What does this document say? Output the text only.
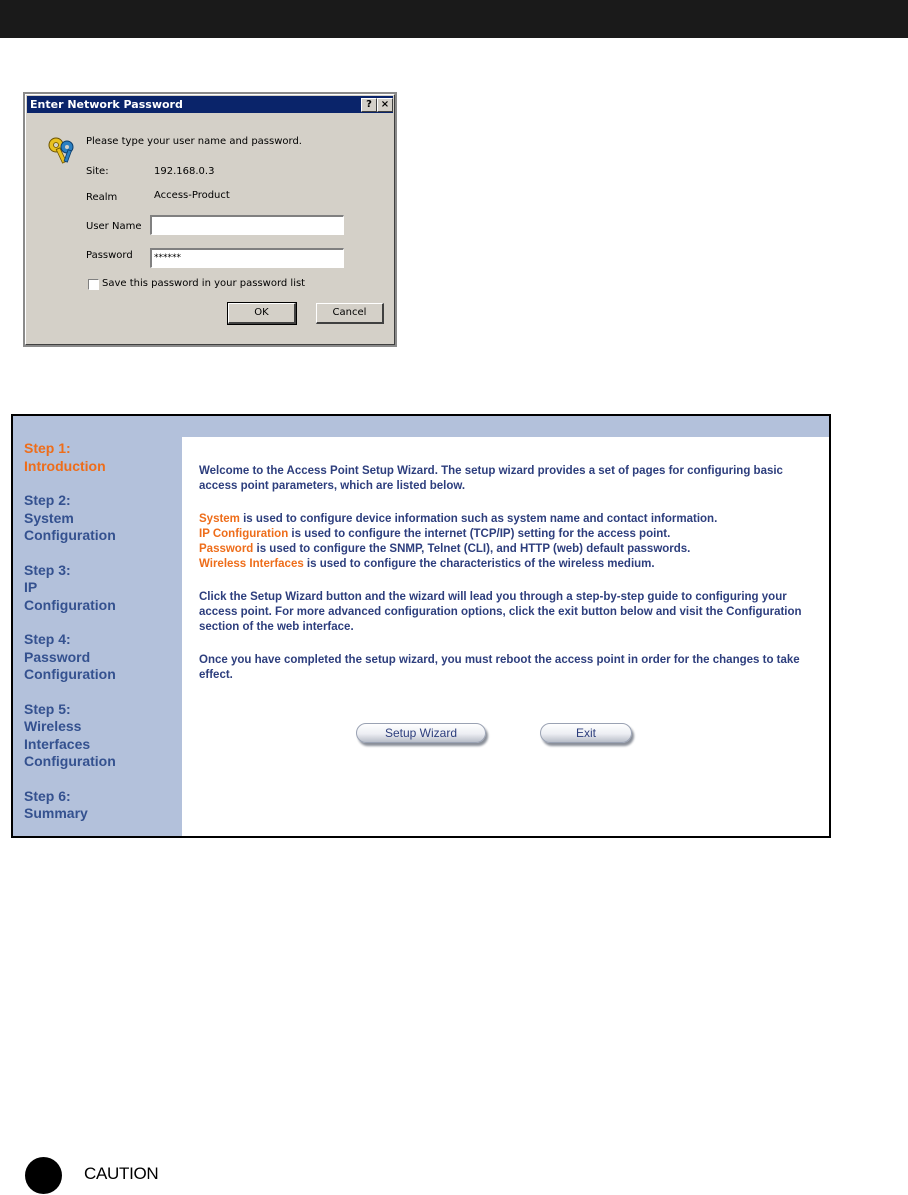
Enter Network Password	? ×
Please type your user name and password.
Site:	192.168.0.3
Realm	Access-Product
User Name
Password	******
Save this password in your password list
OK	Cancel
Step 1:
Introduction
Step 2:
System
Configuration
Step 3:
IP
Configuration
Step 4:
Password
Configuration
Step 5:
Wireless
Interfaces
Configuration
Step 6:
Summary

Welcome to the Access Point Setup Wizard. The setup wizard provides a set of pages for configuring basic access point parameters, which are listed below.

System is used to configure device information such as system name and contact information.
IP Configuration is used to configure the internet (TCP/IP) setting for the access point.
Password is used to configure the SNMP, Telnet (CLI), and HTTP (web) default passwords.
Wireless Interfaces is used to configure the characteristics of the wireless medium.

Click the Setup Wizard button and the wizard will lead you through a step-by-step guide to configuring your access point. For more advanced configuration options, click the exit button below and visit the Configuration section of the web interface.

Once you have completed the setup wizard, you must reboot the access point in order for the changes to take effect.

Setup Wizard	Exit
CAUTION
